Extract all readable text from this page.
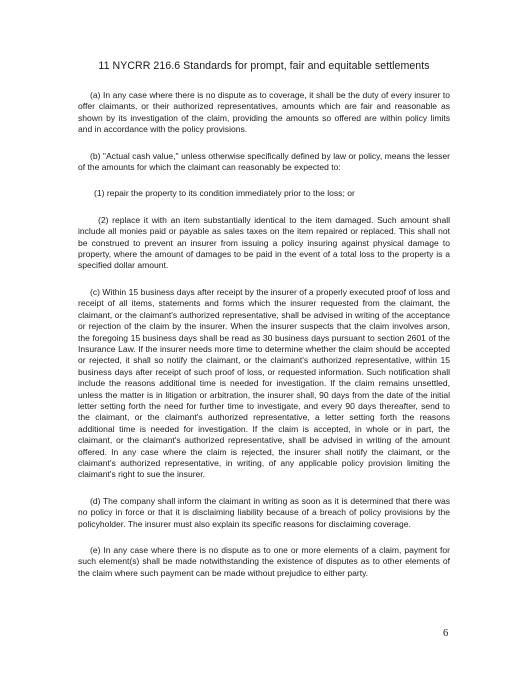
11 NYCRR 216.6 Standards for prompt, fair and equitable settlements

(a) In any case where there is no dispute as to coverage, it shall be the duty of every insurer to offer claimants, or their authorized representatives, amounts which are fair and reasonable as shown by its investigation of the claim, providing the amounts so offered are within policy limits and in accordance with the policy provisions.

(b) "Actual cash value," unless otherwise specifically defined by law or policy, means the lesser of the amounts for which the claimant can reasonably be expected to:

(1) repair the property to its condition immediately prior to the loss; or

(2) replace it with an item substantially identical to the item damaged. Such amount shall include all monies paid or payable as sales taxes on the item repaired or replaced. This shall not be construed to prevent an insurer from issuing a policy insuring against physical damage to property, where the amount of damages to be paid in the event of a total loss to the property is a specified dollar amount.

(c) Within 15 business days after receipt by the insurer of a properly executed proof of loss and receipt of all items, statements and forms which the insurer requested from the claimant, the claimant, or the claimant's authorized representative, shall be advised in writing of the acceptance or rejection of the claim by the insurer. When the insurer suspects that the claim involves arson, the foregoing 15 business days shall be read as 30 business days pursuant to section 2601 of the Insurance Law. If the insurer needs more time to determine whether the claim should be accepted or rejected, it shall so notify the claimant, or the claimant's authorized representative, within 15 business days after receipt of such proof of loss, or requested information. Such notification shall include the reasons additional time is needed for investigation. If the claim remains unsettled, unless the matter is in litigation or arbitration, the insurer shall, 90 days from the date of the initial letter setting forth the need for further time to investigate, and every 90 days thereafter, send to the claimant, or the claimant's authorized representative, a letter setting forth the reasons additional time is needed for investigation. If the claim is accepted, in whole or in part, the claimant, or the claimant's authorized representative, shall be advised in writing of the amount offered. In any case where the claim is rejected, the insurer shall notify the claimant, or the claimant's authorized representative, in writing, of any applicable policy provision limiting the claimant's right to sue the insurer.

(d) The company shall inform the claimant in writing as soon as it is determined that there was no policy in force or that it is disclaiming liability because of a breach of policy provisions by the policyholder. The insurer must also explain its specific reasons for disclaiming coverage.

(e) In any case where there is no dispute as to one or more elements of a claim, payment for such element(s) shall be made notwithstanding the existence of disputes as to other elements of the claim where such payment can be made without prejudice to either party.

6
